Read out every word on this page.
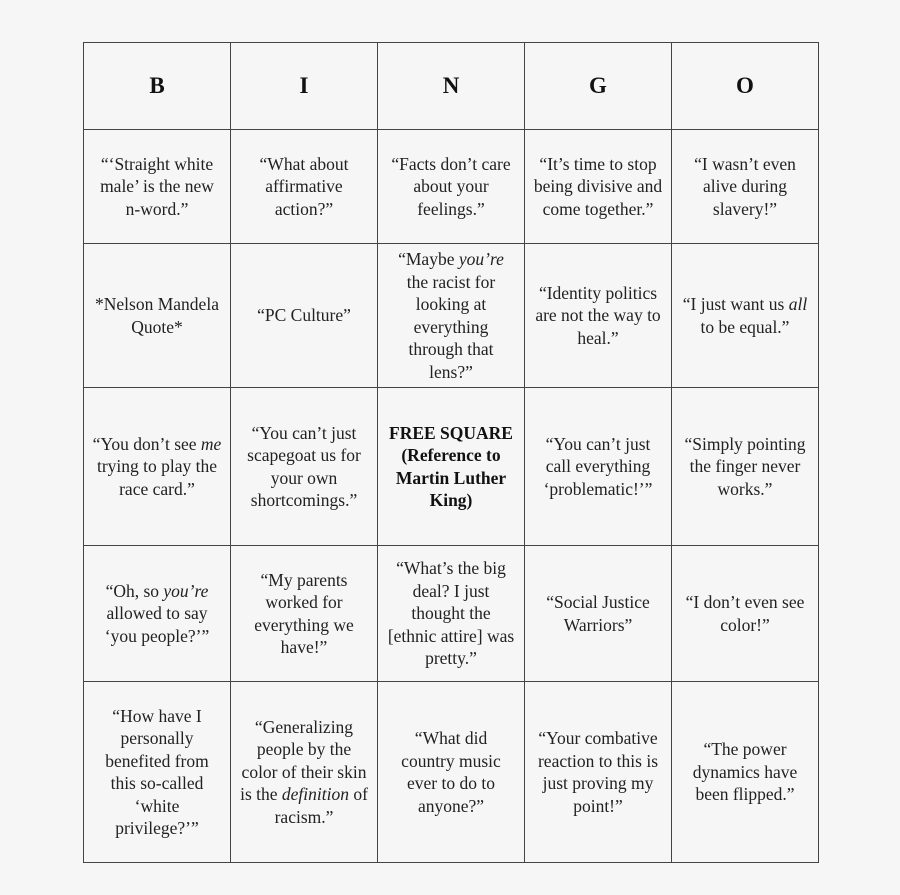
B	I	N	G	O
“‘Straight white male’ is the new n-word.”	“What about affirmative action?”	“Facts don’t care about your feelings.”	“It’s time to stop being divisive and come together.”	“I wasn’t even alive during slavery!”
*Nelson Mandela Quote*	“PC Culture”	“Maybe you’re the racist for looking at everything through that lens?”	“Identity politics are not the way to heal.”	“I just want us all to be equal.”
“You don’t see me trying to play the race card.”	“You can’t just scapegoat us for your own shortcomings.”	FREE SQUARE (Reference to Martin Luther King)	“You can’t just call everything ‘problematic!’”	“Simply pointing the finger never works.”
“Oh, so you’re allowed to say ‘you people?’”	“My parents worked for everything we have!”	“What’s the big deal? I just thought the [ethnic attire] was pretty.”	“Social Justice Warriors”	“I don’t even see color!”
“How have I personally benefited from this so-called ‘white privilege?’”	“Generalizing people by the color of their skin is the definition of racism.”	“What did country music ever to do to anyone?”	“Your combative reaction to this is just proving my point!”	“The power dynamics have been flipped.”
